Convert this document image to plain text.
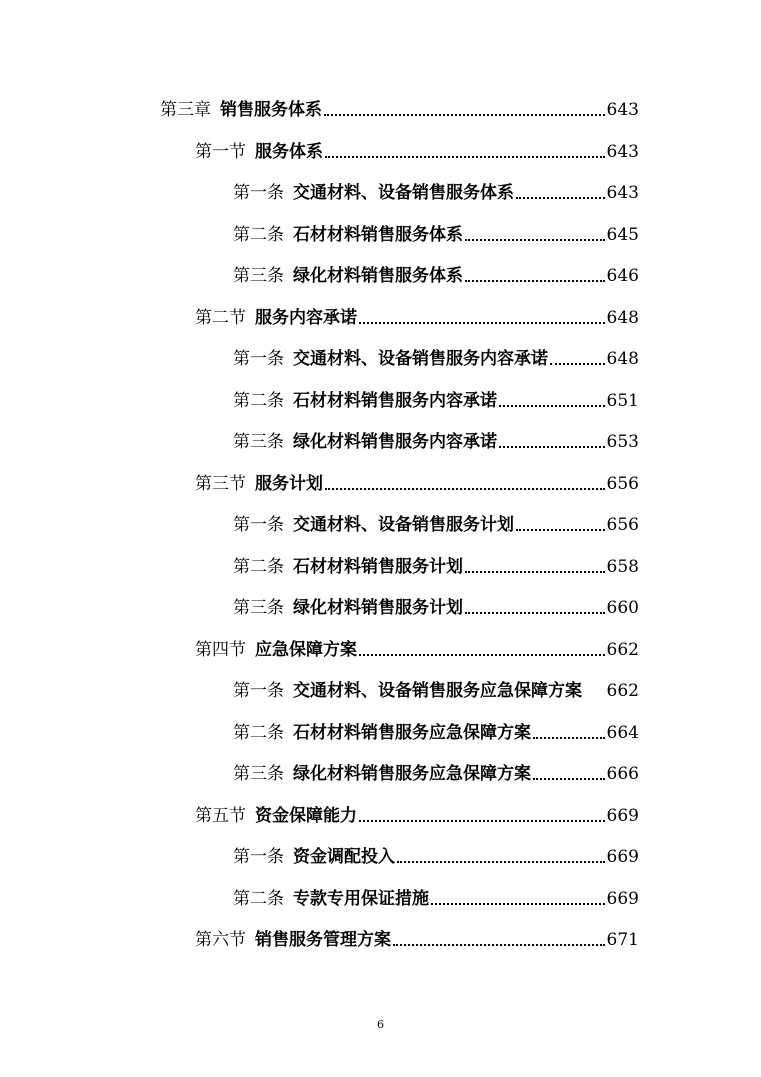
第三章 销售服务体系	643
第一节 服务体系	643
第一条 交通材料、设备销售服务体系	643
第二条 石材材料销售服务体系	645
第三条 绿化材料销售服务体系	646
第二节 服务内容承诺	648
第一条 交通材料、设备销售服务内容承诺	648
第二条 石材材料销售服务内容承诺	651
第三条 绿化材料销售服务内容承诺	653
第三节 服务计划	656
第一条 交通材料、设备销售服务计划	656
第二条 石材材料销售服务计划	658
第三条 绿化材料销售服务计划	660
第四节 应急保障方案	662
第一条 交通材料、设备销售服务应急保障方案 662
第二条 石材材料销售服务应急保障方案	664
第三条 绿化材料销售服务应急保障方案	666
第五节 资金保障能力	669
第一条 资金调配投入	669
第二条 专款专用保证措施	669
第六节 销售服务管理方案	671
6
